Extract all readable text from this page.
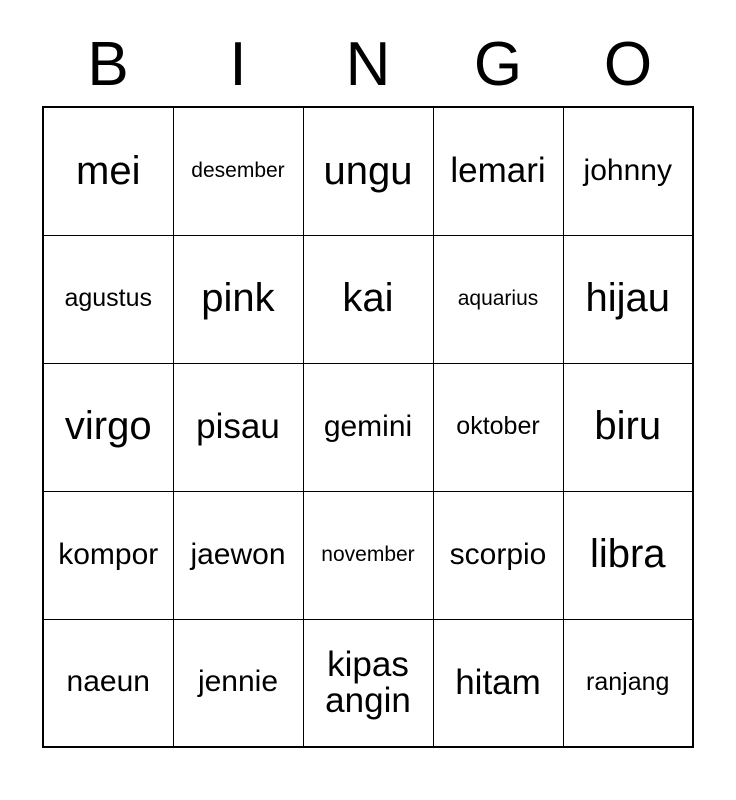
B	I	N	G	O
mei	desember	ungu	lemari	johnny
agustus	pink	kai	aquarius	hijau
virgo	pisau	gemini	oktober	biru
kompor	jaewon	november	scorpio	libra
naeun	jennie	kipas angin	hitam	ranjang
